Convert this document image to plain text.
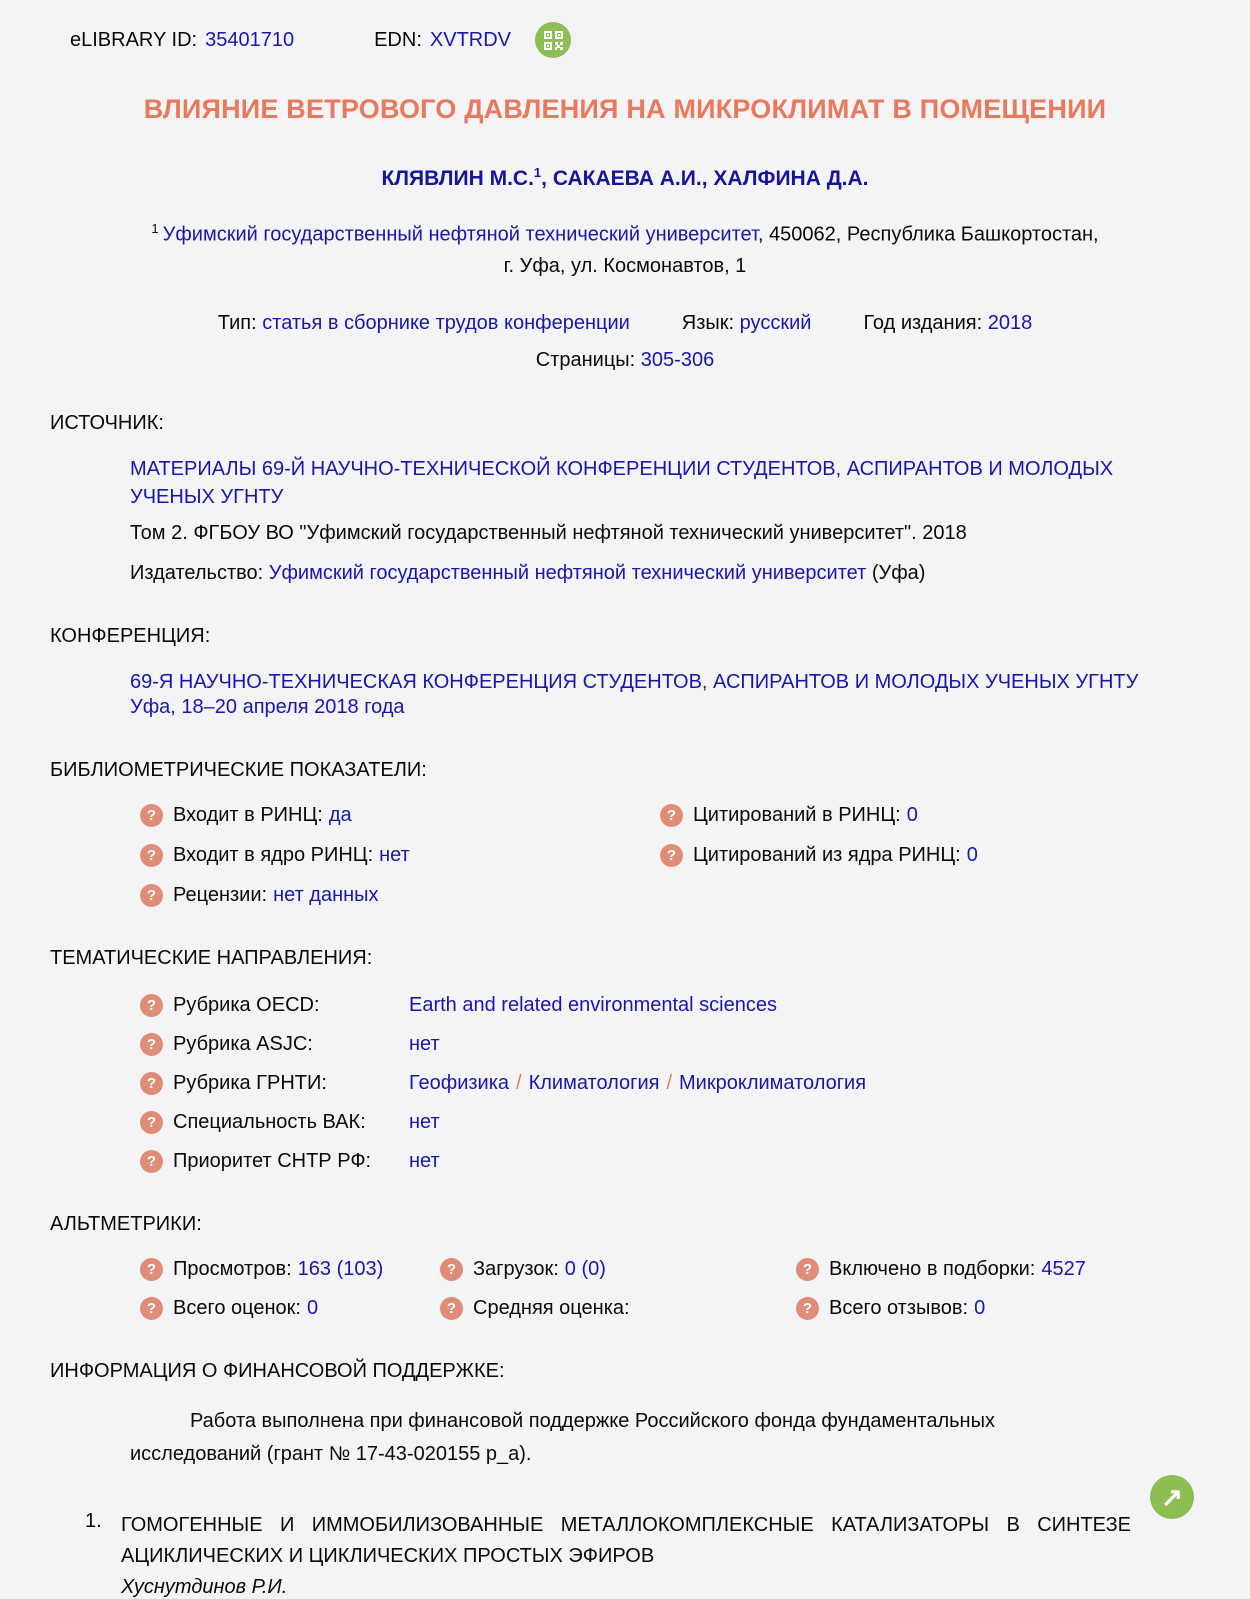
eLIBRARY ID: 35401710	EDN: XVTRDV
ВЛИЯНИЕ ВЕТРОВОГО ДАВЛЕНИЯ НА МИКРОКЛИМАТ В ПОМЕЩЕНИИ
КЛЯВЛИН М.С.$^1$, САКАЕВА А.И., ХАЛФИНА Д.А.
$^1$ Уфимский государственный нефтяной технический университет, 450062, Республика Башкортостан,
г. Уфа, ул. Космонавтов, 1
Тип: статья в сборнике трудов конференции	Язык: русский	Год издания: 2018
Страницы: 305-306
ИСТОЧНИК:
МАТЕРИАЛЫ 69-Й НАУЧНО-ТЕХНИЧЕСКОЙ КОНФЕРЕНЦИИ СТУДЕНТОВ, АСПИРАНТОВ И МОЛОДЫХ УЧЕНЫХ УГНТУ
Том 2. ФГБОУ ВО "Уфимский государственный нефтяной технический университет". 2018
Издательство: Уфимский государственный нефтяной технический университет (Уфа)
КОНФЕРЕНЦИЯ:
69-Я НАУЧНО-ТЕХНИЧЕСКАЯ КОНФЕРЕНЦИЯ СТУДЕНТОВ, АСПИРАНТОВ И МОЛОДЫХ УЧЕНЫХ УГНТУ
Уфа, 18–20 апреля 2018 года
БИБЛИОМЕТРИЧЕСКИЕ ПОКАЗАТЕЛИ:
? Входит в РИНЦ: да	? Цитирований в РИНЦ: 0
? Входит в ядро РИНЦ: нет	? Цитирований из ядра РИНЦ: 0
? Рецензии: нет данных
ТЕМАТИЧЕСКИЕ НАПРАВЛЕНИЯ:
? Рубрика OECD:	Earth and related environmental sciences
? Рубрика ASJC:	нет
? Рубрика ГРНТИ:	Геофизика / Климатология / Микроклиматология
? Специальность ВАК:	нет
? Приоритет СНТР РФ:	нет
АЛЬТМЕТРИКИ:
? Просмотров: 163 (103)	? Загрузок: 0 (0)	? Включено в подборки: 4527
? Всего оценок: 0	? Средняя оценка:	? Всего отзывов: 0
ИНФОРМАЦИЯ О ФИНАНСОВОЙ ПОДДЕРЖКЕ:
Работа выполнена при финансовой поддержке Российского фонда фундаментальных исследований (грант № 17-43-020155 р_а).
1. ГОМОГЕННЫЕ И ИММОБИЛИЗОВАННЫЕ МЕТАЛЛОКОМПЛЕКСНЫЕ КАТАЛИЗАТОРЫ В СИНТЕЗЕ АЦИКЛИЧЕСКИХ И ЦИКЛИЧЕСКИХ ПРОСТЫХ ЭФИРОВ
Хуснутдинов Р.И.
↗
